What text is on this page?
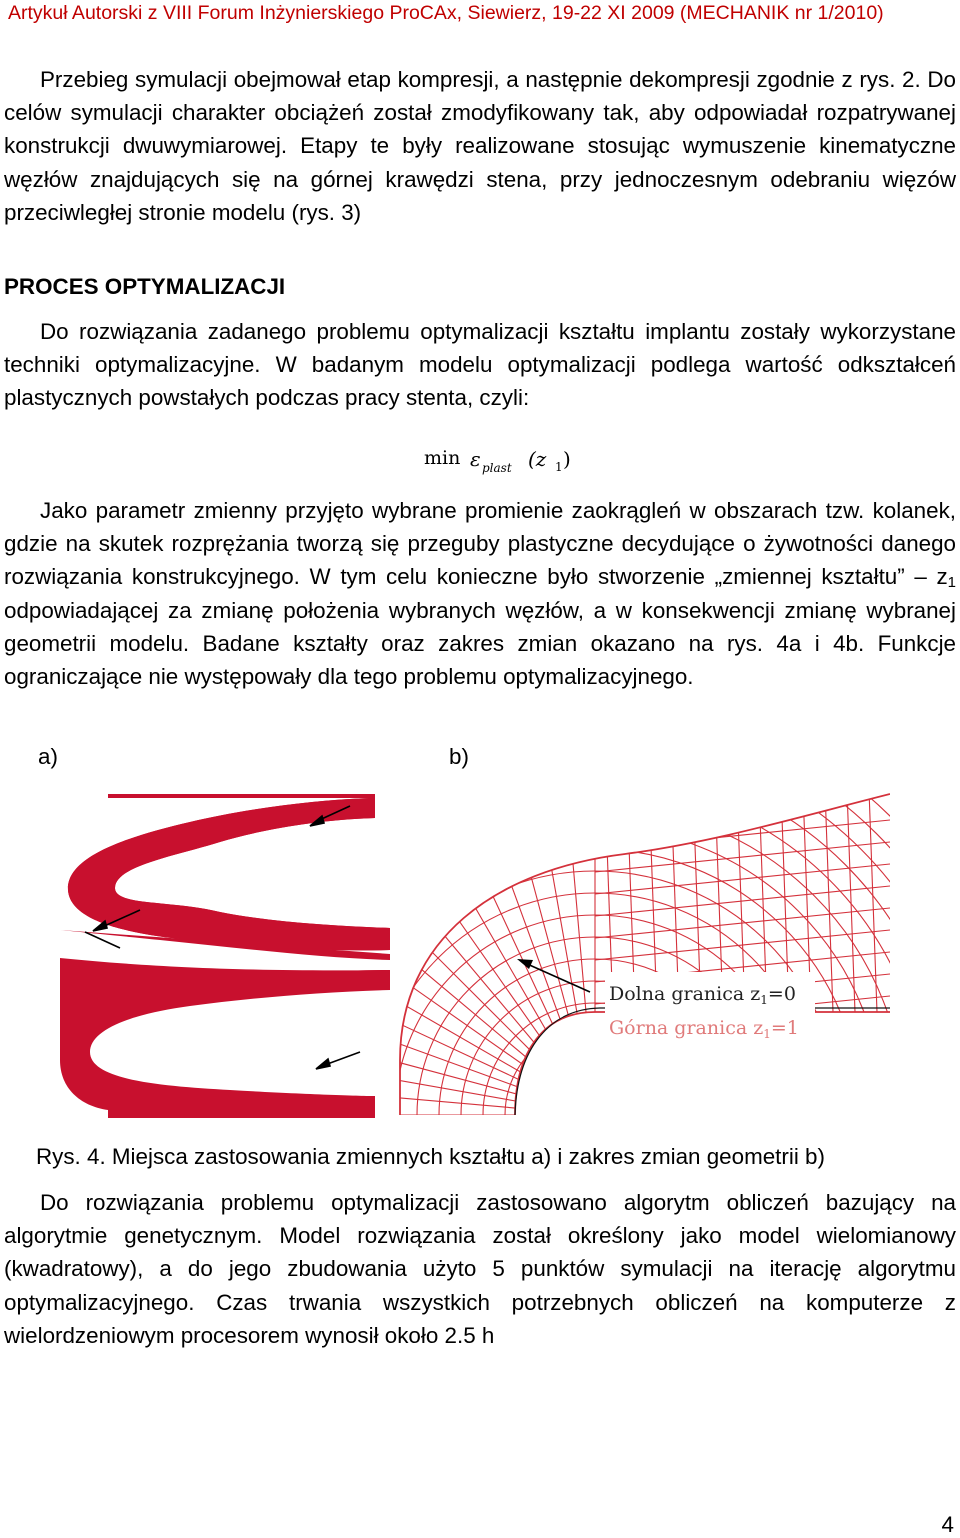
Artykuł Autorski z VIII Forum Inżynierskiego ProCAx, Siewierz, 19-22 XI 2009 (MECHANIK nr 1/2010)

Przebieg symulacji obejmował etap kompresji, a następnie dekompresji zgodnie z rys. 2. Do celów symulacji charakter obciążeń został zmodyfikowany tak, aby odpowiadał rozpatrywanej konstrukcji dwuwymiarowej. Etapy te były realizowane stosując wymuszenie kinematyczne węzłów znajdujących się na górnej krawędzi stena, przy jednoczesnym odebraniu więzów przeciwległej stronie modelu (rys. 3)

PROCES OPTYMALIZACJI

Do rozwiązania zadanego problemu optymalizacji kształtu implantu zostały wykorzystane techniki optymalizacyjne. W badanym modelu optymalizacji podlega wartość odkształceń plastycznych powstałych podczas pracy stenta, czyli:

min ε plast (z 1 )

Jako parametr zmienny przyjęto wybrane promienie zaokrągleń w obszarach tzw. kolanek, gdzie na skutek rozprężania tworzą się przeguby plastyczne decydujące o żywotności danego rozwiązania konstrukcyjnego. W tym celu konieczne było stworzenie „zmiennej kształtu” – $z_1$ odpowiadającej za zmianę położenia wybranych węzłów, a w konsekwencji zmianę wybranej geometrii modelu. Badane kształty oraz zakres zmian okazano na rys. 4a i 4b. Funkcje ograniczające nie występowały dla tego problemu optymalizacyjnego.

a)	b)
Dolna granica $z_1=0$
Górna granica $z_1=1$
Rys. 4. Miejsca zastosowania zmiennych kształtu a) i zakres zmian geometrii b)

Do rozwiązania problemu optymalizacji zastosowano algorytm obliczeń bazujący na algorytmie genetycznym. Model rozwiązania został określony jako model wielomianowy (kwadratowy), a do jego zbudowania użyto 5 punktów symulacji na iterację algorytmu optymalizacyjnego. Czas trwania wszystkich potrzebnych obliczeń na komputerze z wielordzeniowym procesorem wynosił około 2.5 h

4
